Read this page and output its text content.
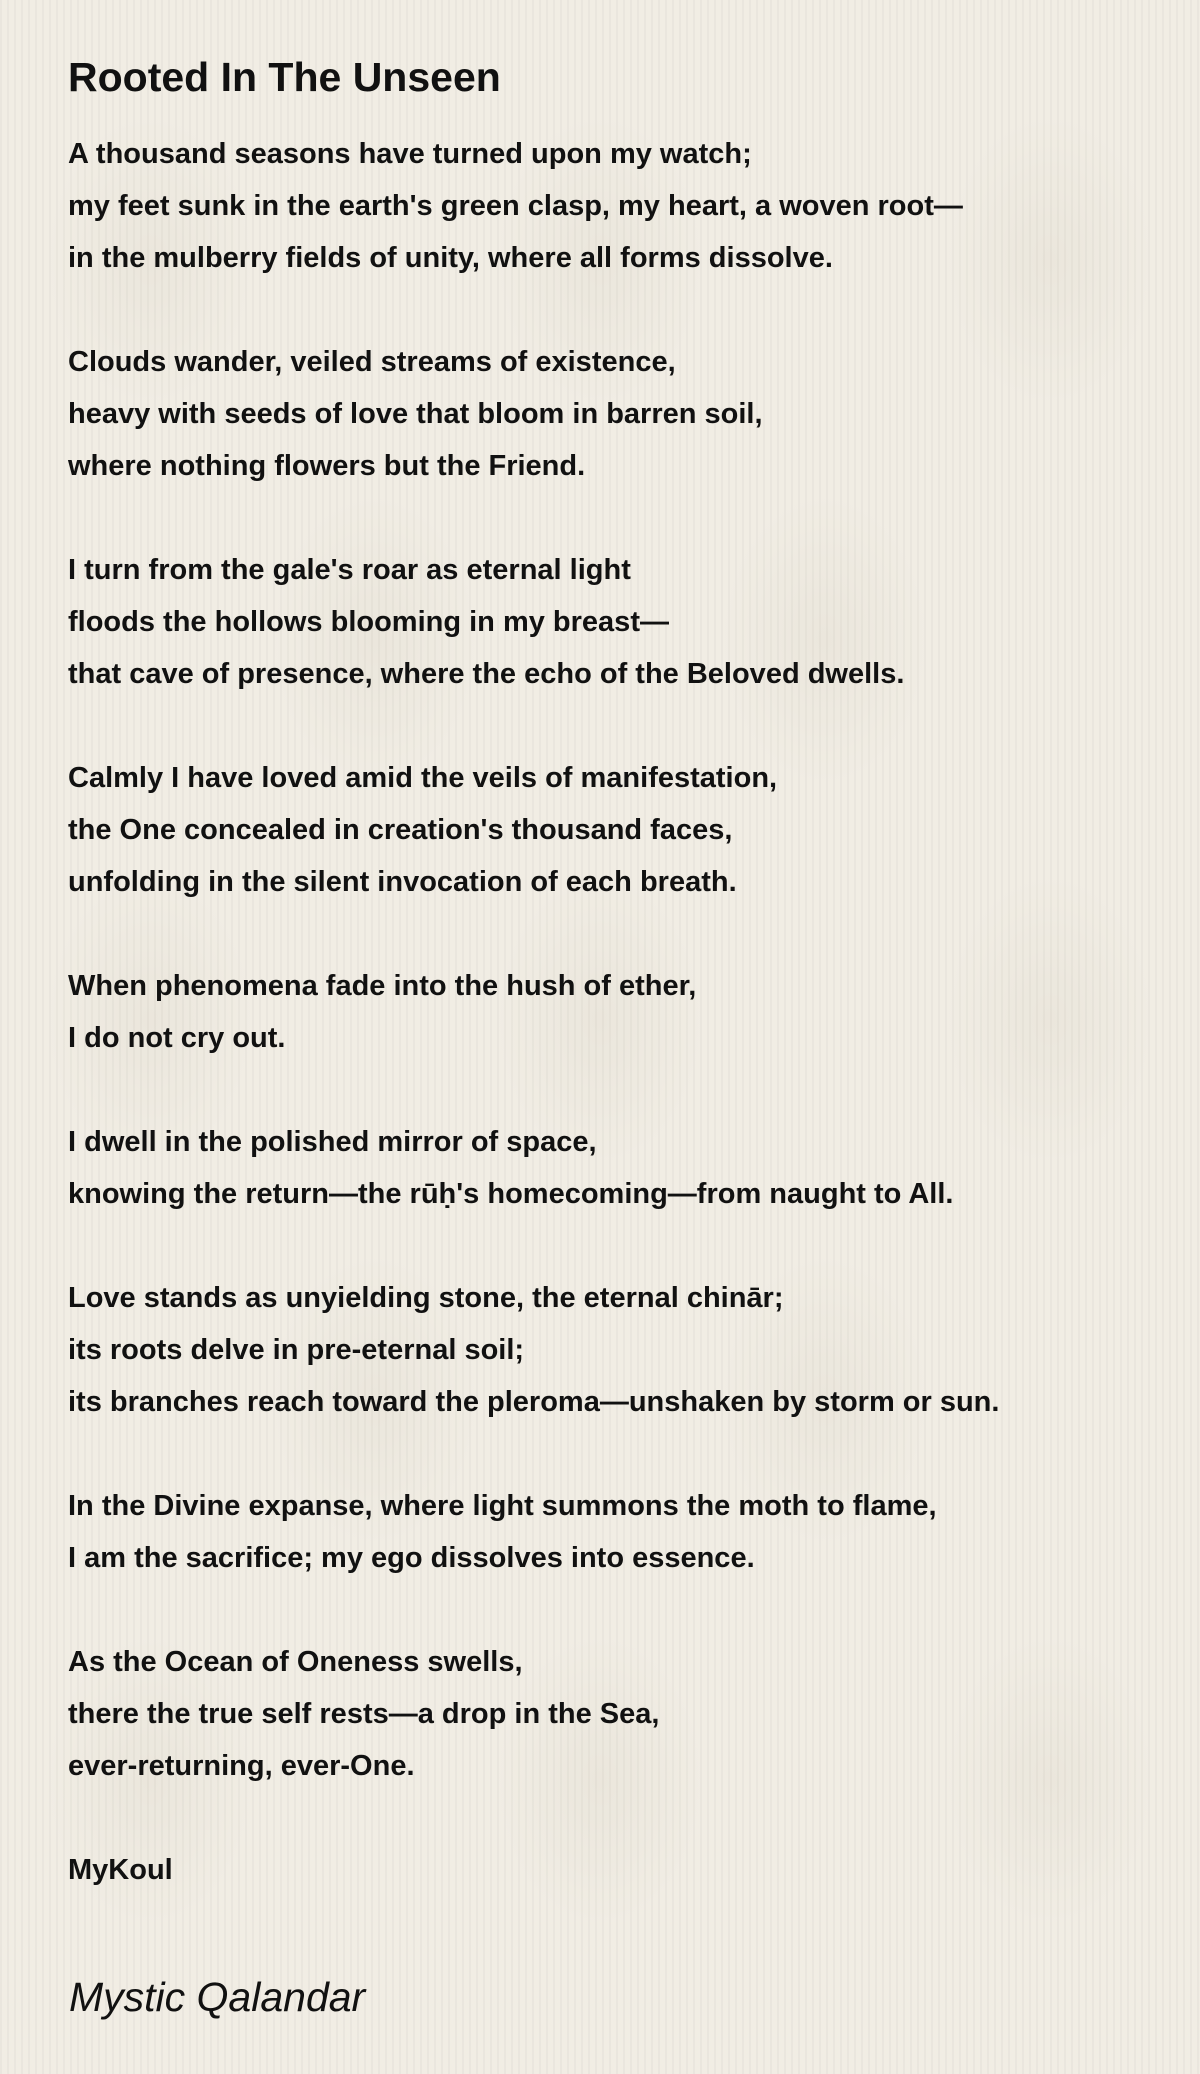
Rooted In The Unseen
A thousand seasons have turned upon my watch;
my feet sunk in the earth's green clasp, my heart, a woven root—
in the mulberry fields of unity, where all forms dissolve.
Clouds wander, veiled streams of existence,
heavy with seeds of love that bloom in barren soil,
where nothing flowers but the Friend.
I turn from the gale's roar as eternal light
floods the hollows blooming in my breast—
that cave of presence, where the echo of the Beloved dwells.
Calmly I have loved amid the veils of manifestation,
the One concealed in creation's thousand faces,
unfolding in the silent invocation of each breath.
When phenomena fade into the hush of ether,
I do not cry out.
I dwell in the polished mirror of space,
knowing the return—the rūḥ's homecoming—from naught to All.
Love stands as unyielding stone, the eternal chinār;
its roots delve in pre-eternal soil;
its branches reach toward the pleroma—unshaken by storm or sun.
In the Divine expanse, where light summons the moth to flame,
I am the sacrifice; my ego dissolves into essence.
As the Ocean of Oneness swells,
there the true self rests—a drop in the Sea,
ever-returning, ever-One.
MyKoul
Mystic Qalandar
